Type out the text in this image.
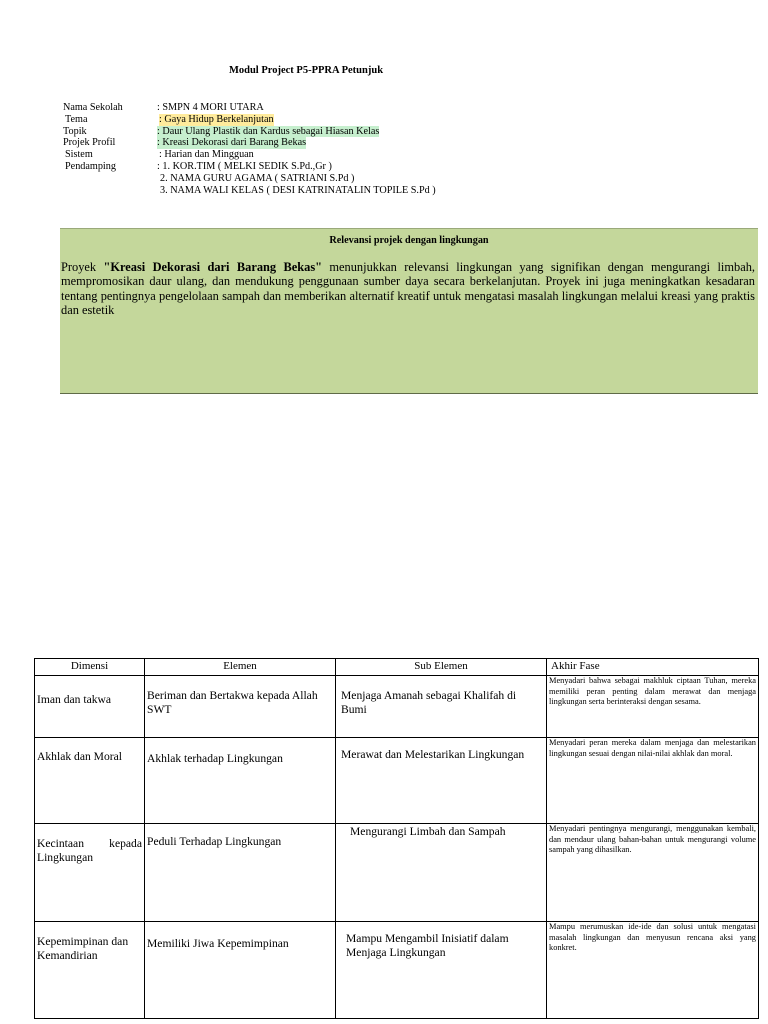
Modul Project P5-PPRA Petunjuk
Nama Sekolah	: SMPN 4 MORI UTARA
Tema	: Gaya Hidup Berkelanjutan
Topik	: Daur Ulang Plastik dan Kardus sebagai Hiasan Kelas
Projek Profil	: Kreasi Dekorasi dari Barang Bekas
Sistem	: Harian dan Mingguan
Pendamping	: 1. KOR.TIM ( MELKI SEDIK S.Pd.,Gr )
2. NAMA GURU AGAMA ( SATRIANI S.Pd )
3. NAMA WALI KELAS ( DESI KATRINATALIN TOPILE S.Pd )
Relevansi projek dengan lingkungan
Proyek "Kreasi Dekorasi dari Barang Bekas" menunjukkan relevansi lingkungan yang signifikan dengan mengurangi limbah, mempromosikan daur ulang, dan mendukung penggunaan sumber daya secara berkelanjutan. Proyek ini juga meningkatkan kesadaran tentang pentingnya pengelolaan sampah dan memberikan alternatif kreatif untuk mengatasi masalah lingkungan melalui kreasi yang praktis dan estetik
Dimensi	Elemen	Sub Elemen	Akhir Fase
Iman dan takwa	Beriman dan Bertakwa kepada Allah SWT	Menjaga Amanah sebagai Khalifah di Bumi	Menyadari bahwa sebagai makhluk ciptaan Tuhan, mereka memiliki peran penting dalam merawat dan menjaga lingkungan serta berinteraksi dengan sesama.
Akhlak dan Moral	Akhlak terhadap Lingkungan	Merawat dan Melestarikan Lingkungan	Menyadari peran mereka dalam menjaga dan melestarikan lingkungan sesuai dengan nilai-nilai akhlak dan moral.
Kecintaan kepada Lingkungan	Peduli Terhadap Lingkungan	Mengurangi Limbah dan Sampah	Menyadari pentingnya mengurangi, menggunakan kembali, dan mendaur ulang bahan-bahan untuk mengurangi volume sampah yang dihasilkan.
Kepemimpinan dan Kemandirian	Memiliki Jiwa Kepemimpinan	Mampu Mengambil Inisiatif dalam Menjaga Lingkungan	Mampu merumuskan ide-ide dan solusi untuk mengatasi masalah lingkungan dan menyusun rencana aksi yang konkret.
